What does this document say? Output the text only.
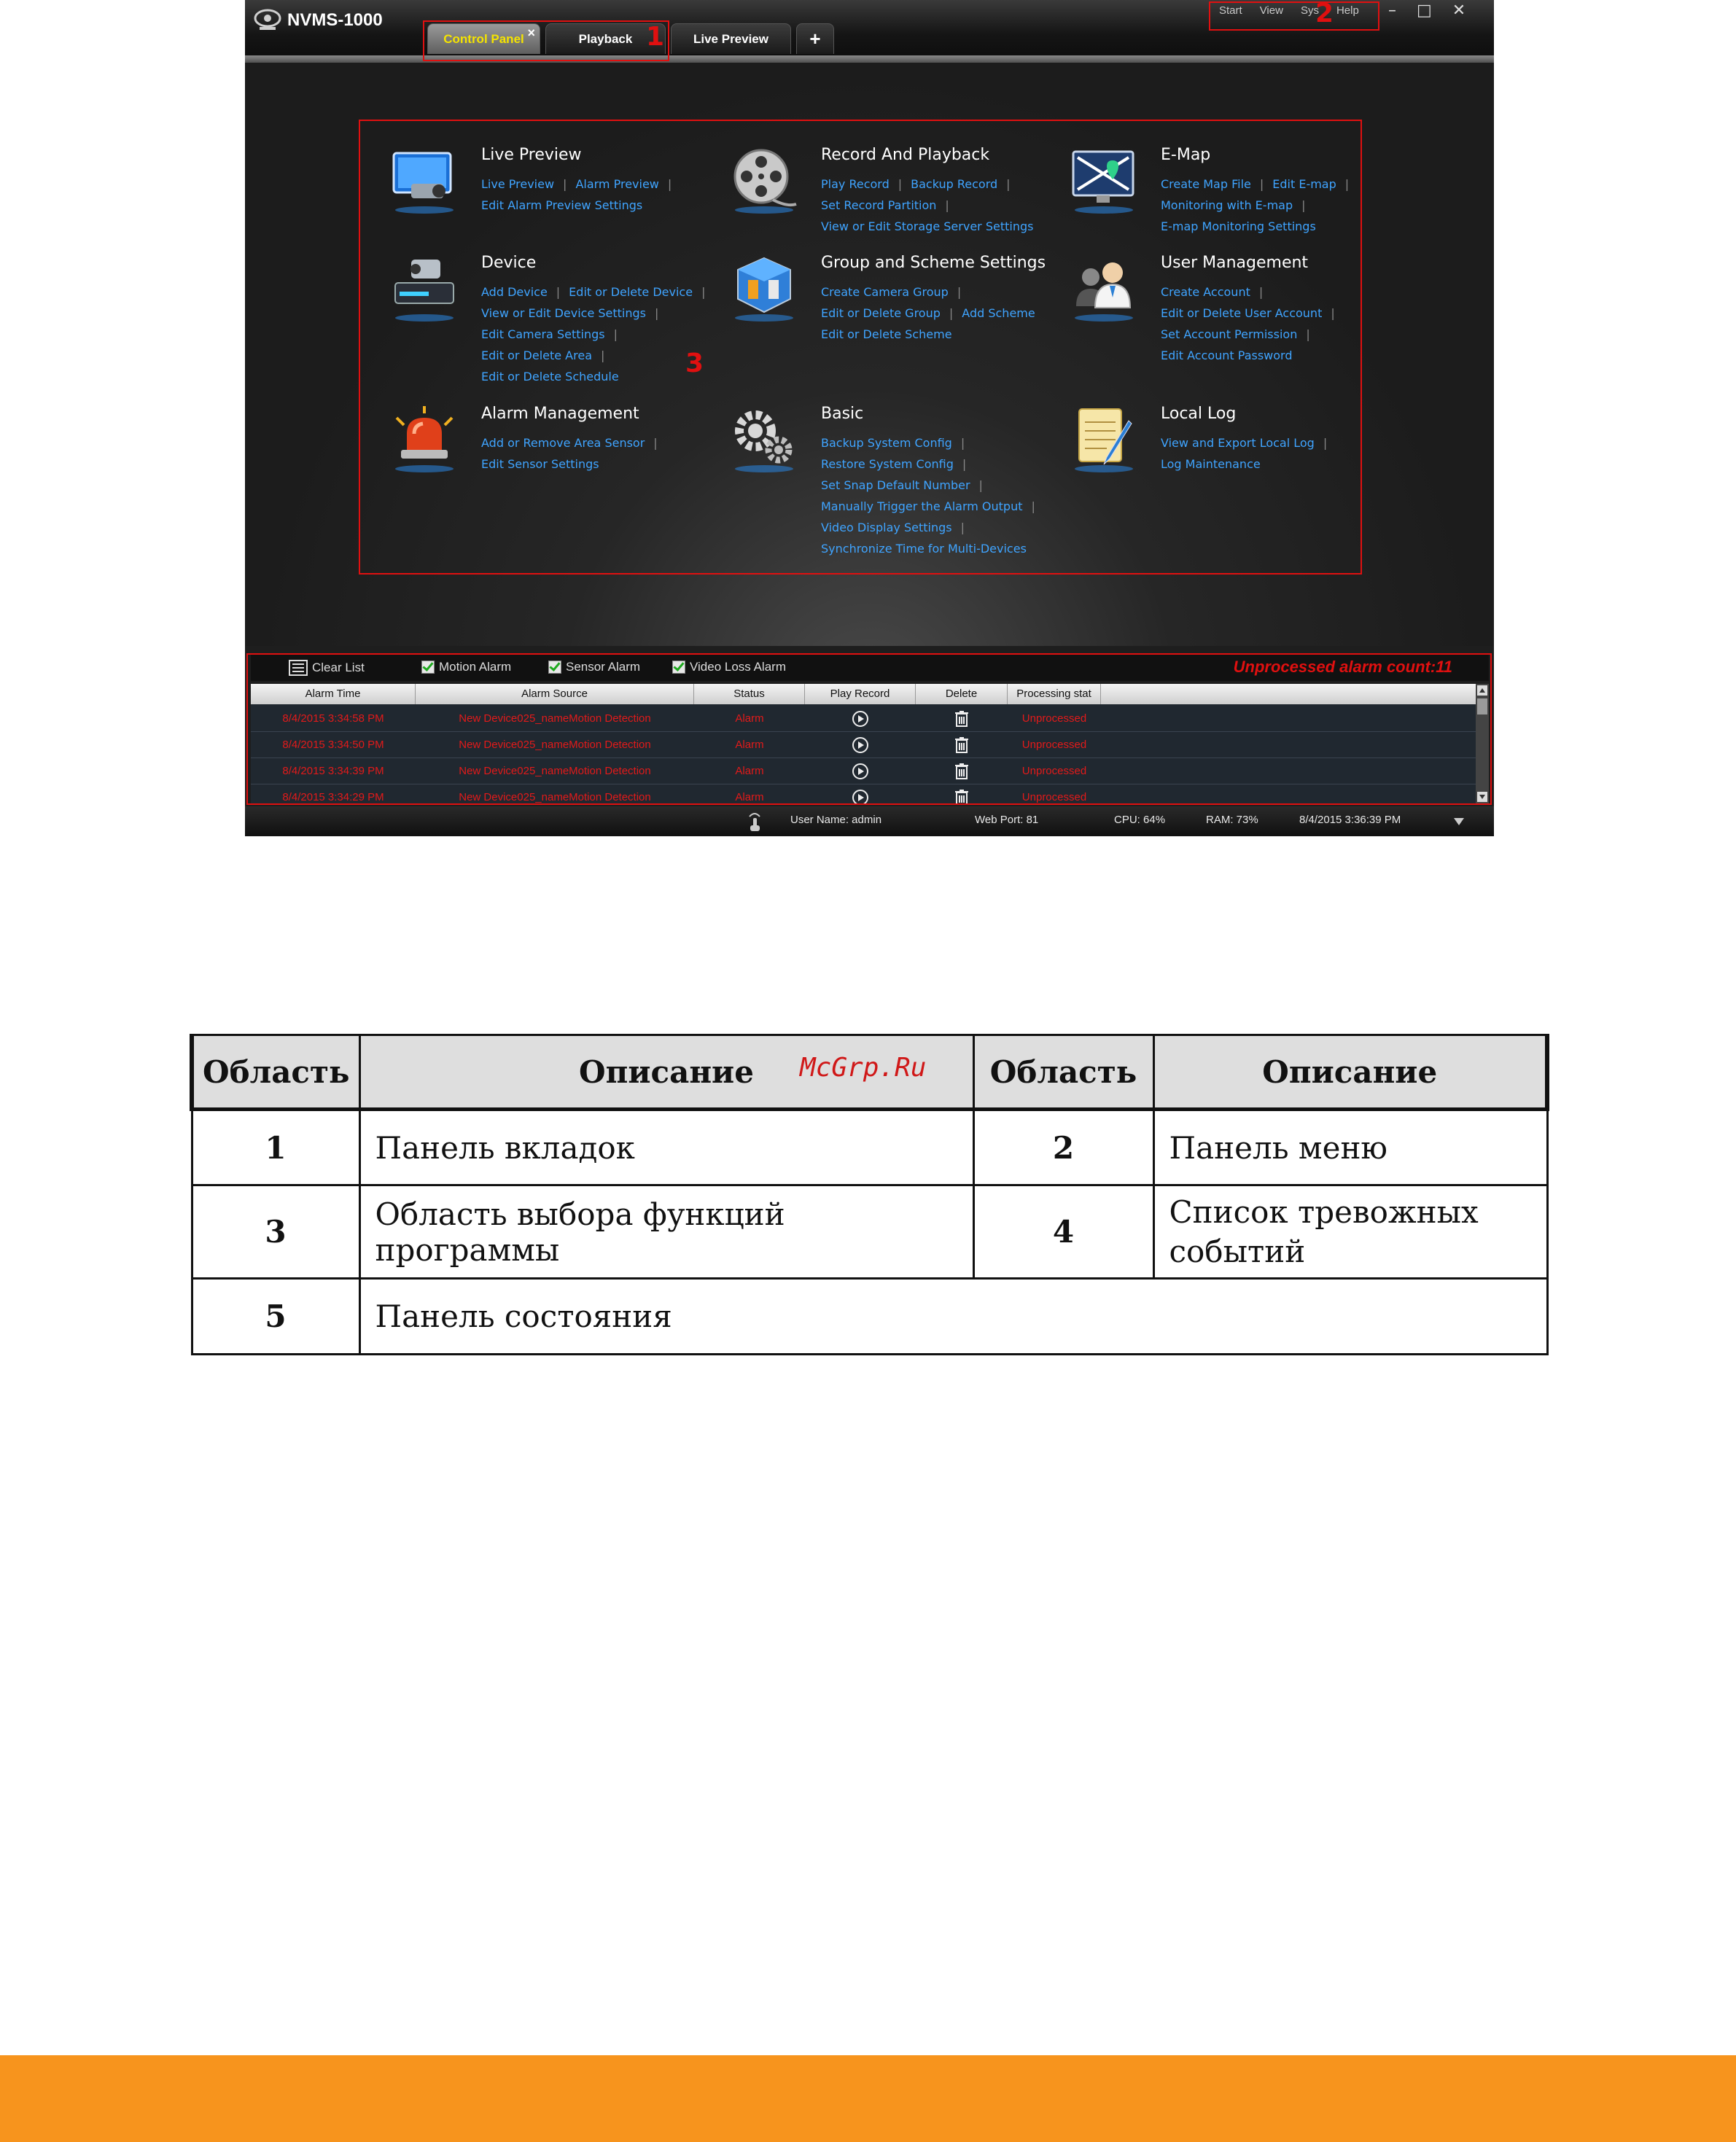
NVMS-1000
Control Panel ×	Playback	Live Preview +
Start View Sys Help – □ ✕
1
2
3
Live Preview
Live Preview | Alarm Preview |
Edit Alarm Preview Settings
Record And Playback
Play Record | Backup Record |
Set Record Partition |
View or Edit Storage Server Settings
E-Map
Create Map File | Edit E-map |
Monitoring with E-map |
E-map Monitoring Settings
Device
Add Device | Edit or Delete Device |
View or Edit Device Settings |
Edit Camera Settings |
Edit or Delete Area |
Edit or Delete Schedule
Group and Scheme Settings
Create Camera Group |
Edit or Delete Group | Add Scheme
Edit or Delete Scheme
User Management
Create Account |
Edit or Delete User Account |
Set Account Permission |
Edit Account Password
Alarm Management
Add or Remove Area Sensor |
Edit Sensor Settings
Basic
Backup System Config |
Restore System Config |
Set Snap Default Number |
Manually Trigger the Alarm Output |
Video Display Settings |
Synchronize Time for Multi-Devices
Local Log
View and Export Local Log |
Log Maintenance
Clear List	Motion Alarm	Sensor Alarm	Video Loss Alarm	Unprocessed alarm count:11
Alarm Time	Alarm Source	Status	Play Record	Delete	Processing stat
8/4/2015 3:34:58 PM	New Device025_nameMotion Detection	Alarm	Unprocessed
8/4/2015 3:34:50 PM	New Device025_nameMotion Detection	Alarm	Unprocessed
8/4/2015 3:34:39 PM	New Device025_nameMotion Detection	Alarm	Unprocessed
8/4/2015 3:34:29 PM	New Device025_nameMotion Detection	Alarm	Unprocessed
User Name: admin	Web Port: 81	CPU: 64%	RAM: 73%	8/4/2015 3:36:39 PM
Область	Описание	Область	Описание
1	Панель вкладок	2	Панель меню
3	Область выбора функций программы	4	Список тревожных событий
5	Панель состояния		
McGrp.Ru
